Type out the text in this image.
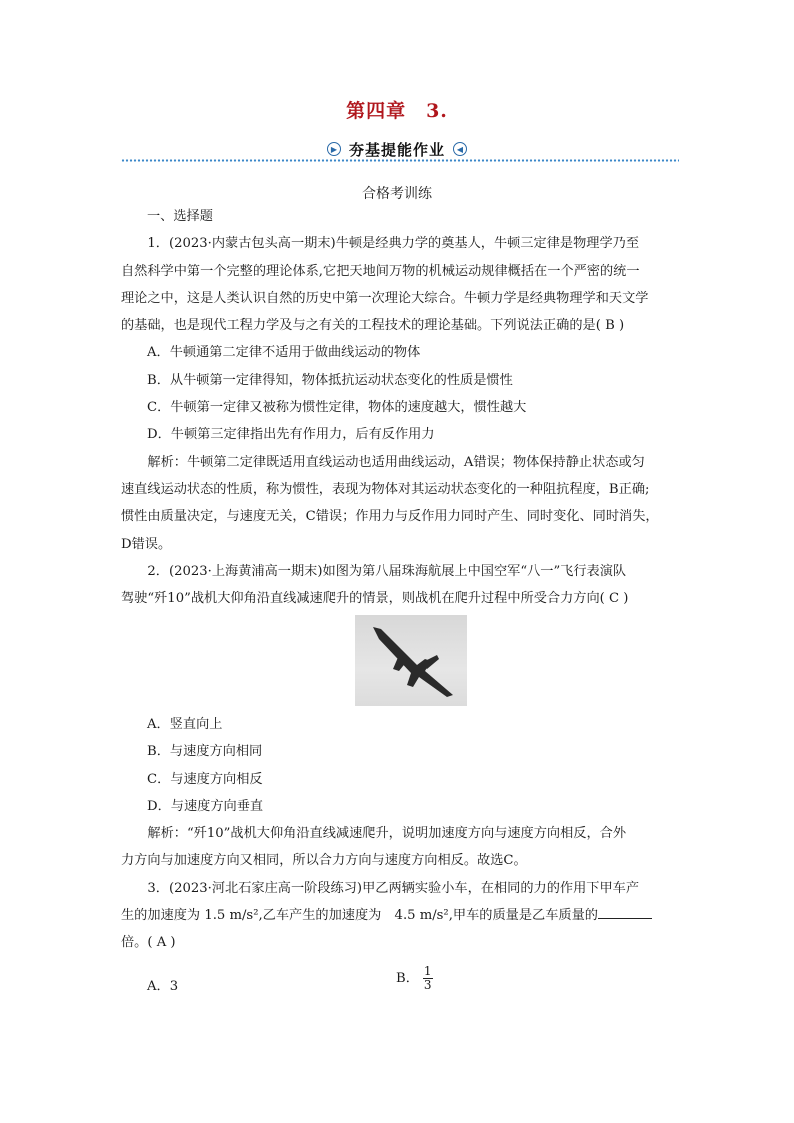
第四章　3.
▶ 夯基提能作业	◀
合格考训练

一、选择题

1．(2023·内蒙古包头高一期末)牛顿是经典力学的奠基人，牛顿三定律是物理学乃至

自然科学中第一个完整的理论体系,它把天地间万物的机械运动规律概括在一个严密的统一

理论之中，这是人类认识自然的历史中第一次理论大综合。牛顿力学是经典物理学和天文学

的基础，也是现代工程力学及与之有关的工程技术的理论基础。下列说法正确的是( B )

A．牛顿通第二定律不适用于做曲线运动的物体

B．从牛顿第一定律得知，物体抵抗运动状态变化的性质是惯性

C．牛顿第一定律又被称为惯性定律，物体的速度越大，惯性越大

D．牛顿第三定律指出先有作用力，后有反作用力

解析：牛顿第二定律既适用直线运动也适用曲线运动，A错误；物体保持静止状态或匀

速直线运动状态的性质，称为惯性，表现为物体对其运动状态变化的一种阻抗程度，B正确;

惯性由质量决定，与速度无关，C错误；作用力与反作用力同时产生、同时变化、同时消失，

D错误。

2．(2023·上海黄浦高一期末)如图为第八届珠海航展上中国空军“八一”飞行表演队

驾驶“歼10”战机大仰角沿直线减速爬升的情景，则战机在爬升过程中所受合力方向( C )

A．竖直向上

B．与速度方向相同

C．与速度方向相反

D．与速度方向垂直

解析：“歼10”战机大仰角沿直线减速爬升，说明加速度方向与速度方向相反，合外

力方向与加速度方向又相同，所以合力方向与速度方向相反。故选C。

3．(2023·河北石家庄高一阶段练习)甲乙两辆实验小车，在相同的力的作用下甲车产

生的加速度为 1.5 m/s²,乙车产生的加速度为　4.5 m/s²,甲车的质量是乙车质量的

倍。( A )

A．3
B． $\frac{1}{3}$
